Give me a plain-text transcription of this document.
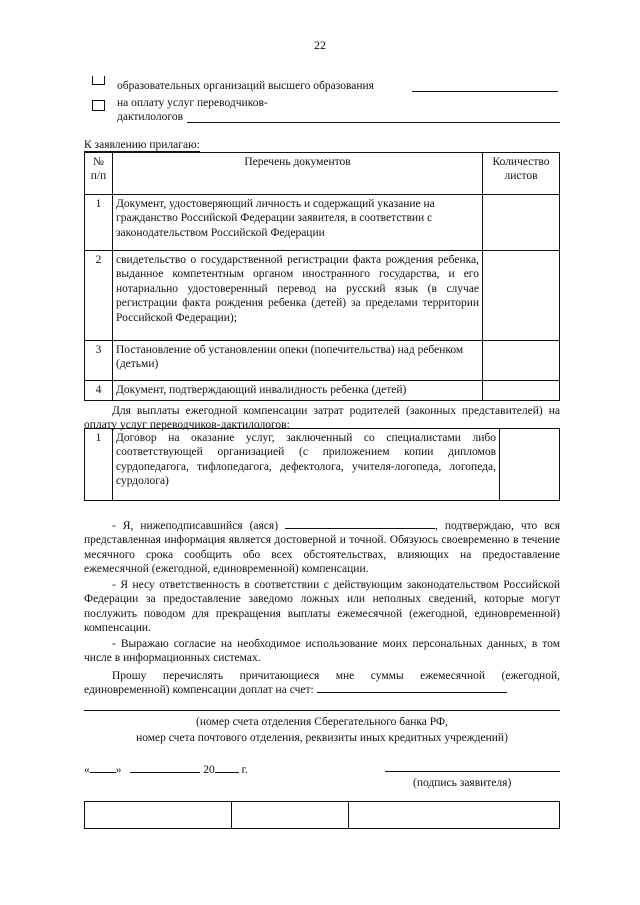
22
образовательных организаций высшего образования
на оплату услуг переводчиков-
дактилологов
К заявлению прилагаю:
№ п/п	Перечень документов	Количество листов
1	Документ, удостоверяющий личность и содержащий указание на гражданство Российской Федерации заявителя, в соответствии с законодательством Российской Федерации	
2	свидетельство о государственной регистрации факта рождения ребенка, выданное компетентным органом иностранного государства, и его нотариально удостоверенный перевод на русский язык (в случае регистрации факта рождения ребенка (детей) за пределами территории Российской Федерации);	
3	Постановление об установлении опеки (попечительства) над ребенком (детьми)	
4	Документ, подтверждающий инвалидность ребенка (детей)	
Для выплаты ежегодной компенсации затрат родителей (законных представителей) на оплату услуг переводчиков-дактилологов:
1	Договор на оказание услуг, заключенный со специалистами либо соответствующей организацией (с приложением копии дипломов сурдопедагога, тифлопедагога, дефектолога, учителя-логопеда, логопеда, сурдолога)	
- Я, нижеподписавшийся (аяся)	, подтверждаю, что вся представленная информация является достоверной и точной. Обязуюсь своевременно в течение месячного срока сообщить обо всех обстоятельствах, влияющих на предоставление ежемесячной (ежегодной, единовременной) компенсации.
- Я несу ответственность в соответствии с действующим законодательством Российской Федерации за предоставление заведомо ложных или неполных сведений, которые могут послужить поводом для прекращения выплаты ежемесячной (ежегодной, единовременной) компенсации.
- Выражаю согласие на необходимое использование моих персональных данных, в том числе в информационных системах.
Прошу перечислять причитающиеся мне суммы ежемесячной (ежегодной, единовременной) компенсации доплат на счет:
(номер счета отделения Сберегательного банка РФ,
номер счета почтового отделения, реквизиты иных кредитных учреждений)
« »	20 г.
(подпись заявителя)
